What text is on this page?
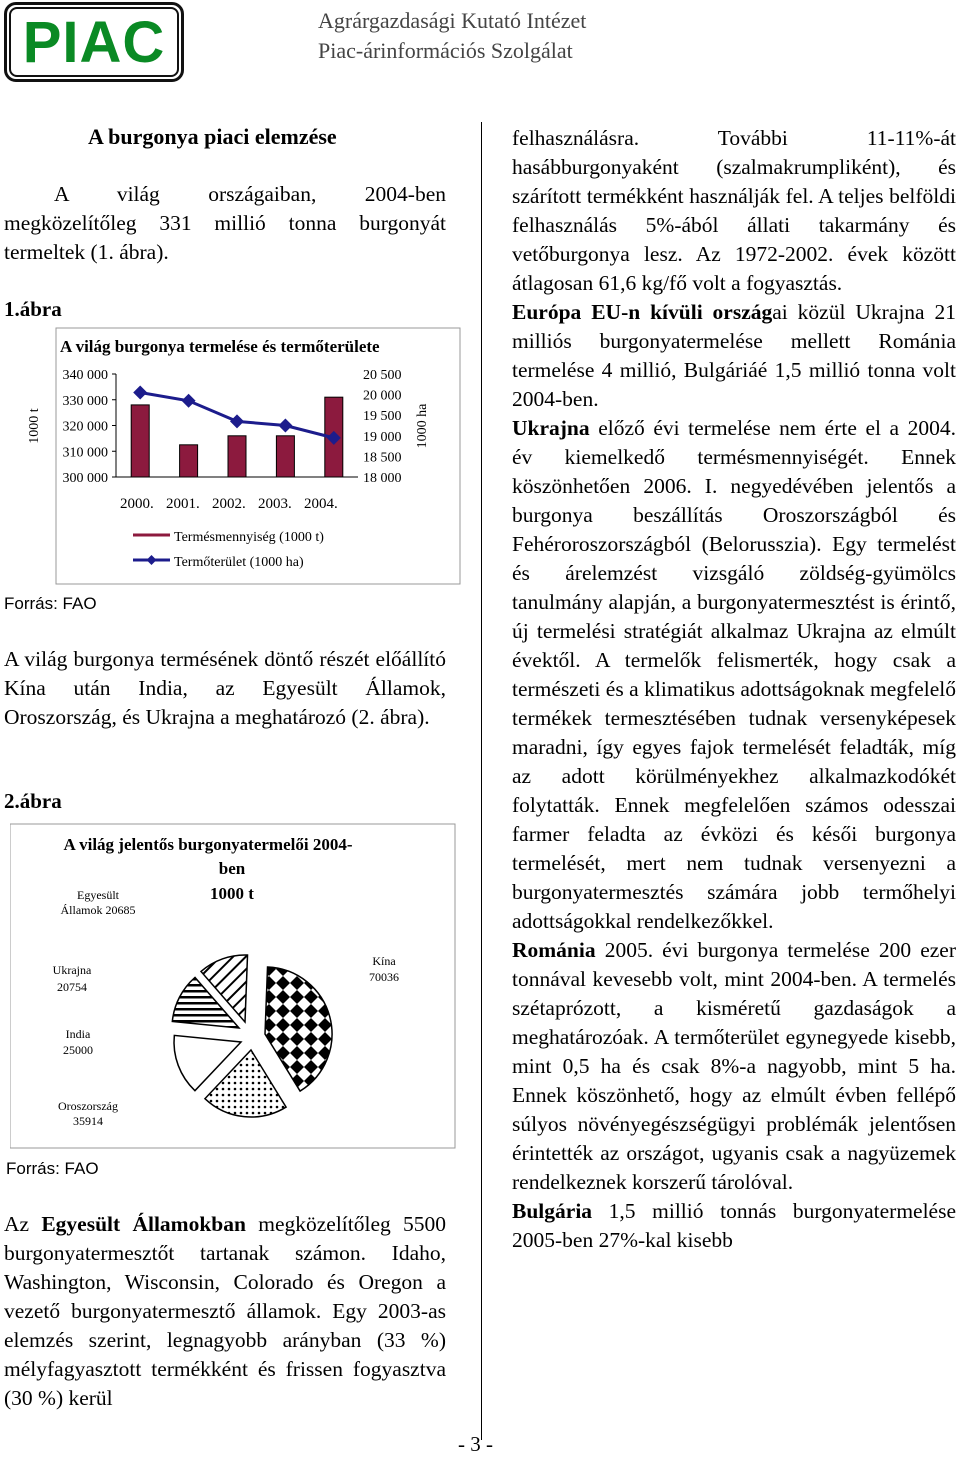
PIAC	Agrárgazdasági Kutató Intézet
Piac-árinformációs Szolgálat
A burgonya piaci elemzése
A világ országaiban, 2004-ben megközelítőleg 331 millió tonna burgonyát termeltek (1. ábra).
1.ábra
A világ burgonya termelése és termőterülete
1000 t	1000 ha
340 000
330 000
320 000
310 000
300 000
20 500
20 000
19 500
19 000
18 500
18 000
2000. 2001. 2002. 2003. 2004.
Termésmennyiség (1000 t)
Termőterület (1000 ha)
Forrás: FAO
A világ burgonya termésének döntő részét előállító Kína után India, az Egyesült Államok, Oroszország, és Ukrajna a meghatározó (2. ábra).
2.ábra
A világ jelentős burgonyatermelői 2004-
ben
1000 t
Egyesült
Államok 20685
Ukrajna
20754
India
25000
Oroszország
35914
Kína
70036
Forrás: FAO
Az Egyesült Államokban megközelítőleg 5500 burgonyatermesztőt tartanak számon. Idaho, Washington, Wisconsin, Colorado és Oregon a vezető burgonyatermesztő államok. Egy 2003-as elemzés szerint, legnagyobb arányban (33 %) mélyfagyasztott termékként és frissen fogyasztva (30 %) kerül
felhasználásra. További 11-11%-át hasábburgonyaként (szalmakrumpliként), és szárított termékként használják fel. A teljes belföldi felhasználás 5%-ából állati takarmány és vetőburgonya lesz. Az 1972-2002. évek között átlagosan 61,6 kg/fő volt a fogyasztás.
Európa EU-n kívüli országai közül Ukrajna 21 milliós burgonyatermelése mellett Románia termelése 4 millió, Bulgáriáé 1,5 millió tonna volt 2004-ben.
Ukrajna előző évi termelése nem érte el a 2004. év kiemelkedő termésmennyiségét. Ennek köszönhetően 2006. I. negyedévében jelentős a burgonya beszállítás Oroszországból és Fehéroroszországból (Belorusszia). Egy termelést és árelemzést vizsgáló zöldség-gyümölcs tanulmány alapján, a burgonyatermesztést is érintő, új termelési stratégiát alkalmaz Ukrajna az elmúlt évektől. A termelők felismerték, hogy csak a természeti és a klimatikus adottságoknak megfelelő termékek termesztésében tudnak versenyképesek maradni, így egyes fajok termelését feladták, míg az adott körülményekhez alkalmazkodókét folytatták. Ennek megfelelően számos odesszai farmer feladta az évközi és késői burgonya termelését, mert nem tudnak versenyezni a burgonyatermesztés számára jobb termőhelyi adottságokkal rendelkezőkkel.
Románia 2005. évi burgonya termelése 200 ezer tonnával kevesebb volt, mint 2004-ben. A termelés szétaprózott, a kisméretű gazdaságok a meghatározóak. A termőterület egynegyede kisebb, mint 0,5 ha és csak 8%-a nagyobb, mint 5 ha. Ennek köszönhető, hogy az elmúlt évben fellépő súlyos növényegészségügyi problémák jelentősen érintették az országot, ugyanis csak a nagyüzemek rendelkeznek korszerű tárolóval.
Bulgária 1,5 millió tonnás burgonyatermelése 2005-ben 27%-kal kisebb
- 3 -
